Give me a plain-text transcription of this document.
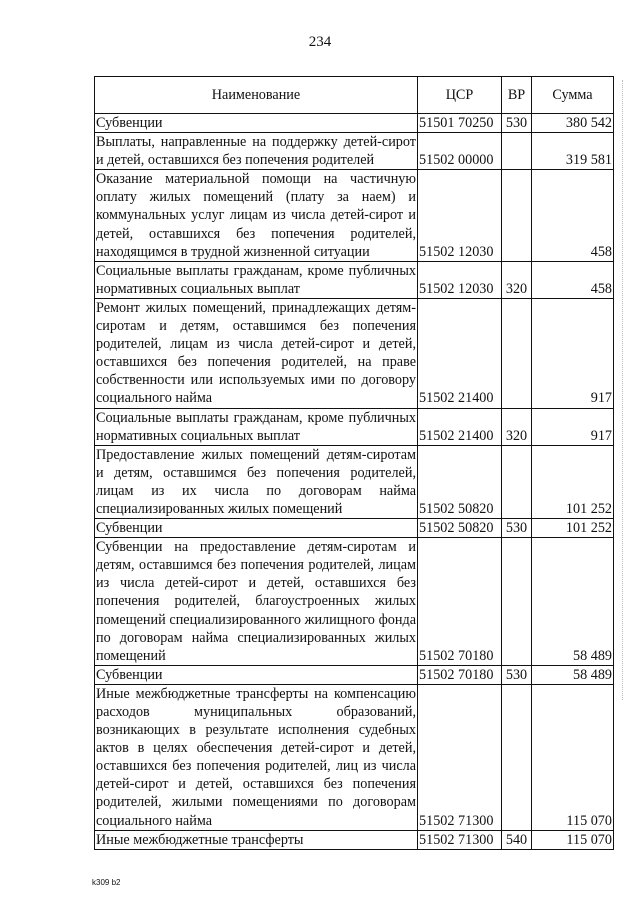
234
Наименование	ЦСР	ВР	Сумма
Субвенции	51501 70250	530	380 542
Выплаты, направленные на поддержку детей-сирот и детей, оставшихся без попечения родителей	51502 00000		319 581
Оказание материальной помощи на частичную оплату жилых помещений (плату за наем) и коммунальных услуг лицам из числа детей-сирот и детей, оставшихся без попечения родителей, находящимся в трудной жизненной ситуации	51502 12030		458
Социальные выплаты гражданам, кроме публичных нормативных социальных выплат	51502 12030	320	458
Ремонт жилых помещений, принадлежащих детям-сиротам и детям, оставшимся без попечения родителей, лицам из числа детей-сирот и детей, оставшихся без попечения родителей, на праве собственности или используемых ими по договору социального найма	51502 21400		917
Социальные выплаты гражданам, кроме публичных нормативных социальных выплат	51502 21400	320	917
Предоставление жилых помещений детям-сиротам и детям, оставшимся без попечения родителей, лицам из их числа по договорам найма специализированных жилых помещений	51502 50820		101 252
Субвенции	51502 50820	530	101 252
Субвенции на предоставление детям-сиротам и детям, оставшимся без попечения родителей, лицам из числа детей-сирот и детей, оставшихся без попечения родителей, благоустроенных жилых помещений специализированного жилищного фонда по договорам найма специализированных жилых помещений	51502 70180		58 489
Субвенции	51502 70180	530	58 489
Иные межбюджетные трансферты на компенсацию расходов муниципальных образований, возникающих в результате исполнения судебных актов в целях обеспечения детей-сирот и детей, оставшихся без попечения родителей, лиц из числа детей-сирот и детей, оставшихся без попечения родителей, жилыми помещениями по договорам социального найма	51502 71300		115 070
Иные межбюджетные трансферты	51502 71300	540	115 070
k309 b2
